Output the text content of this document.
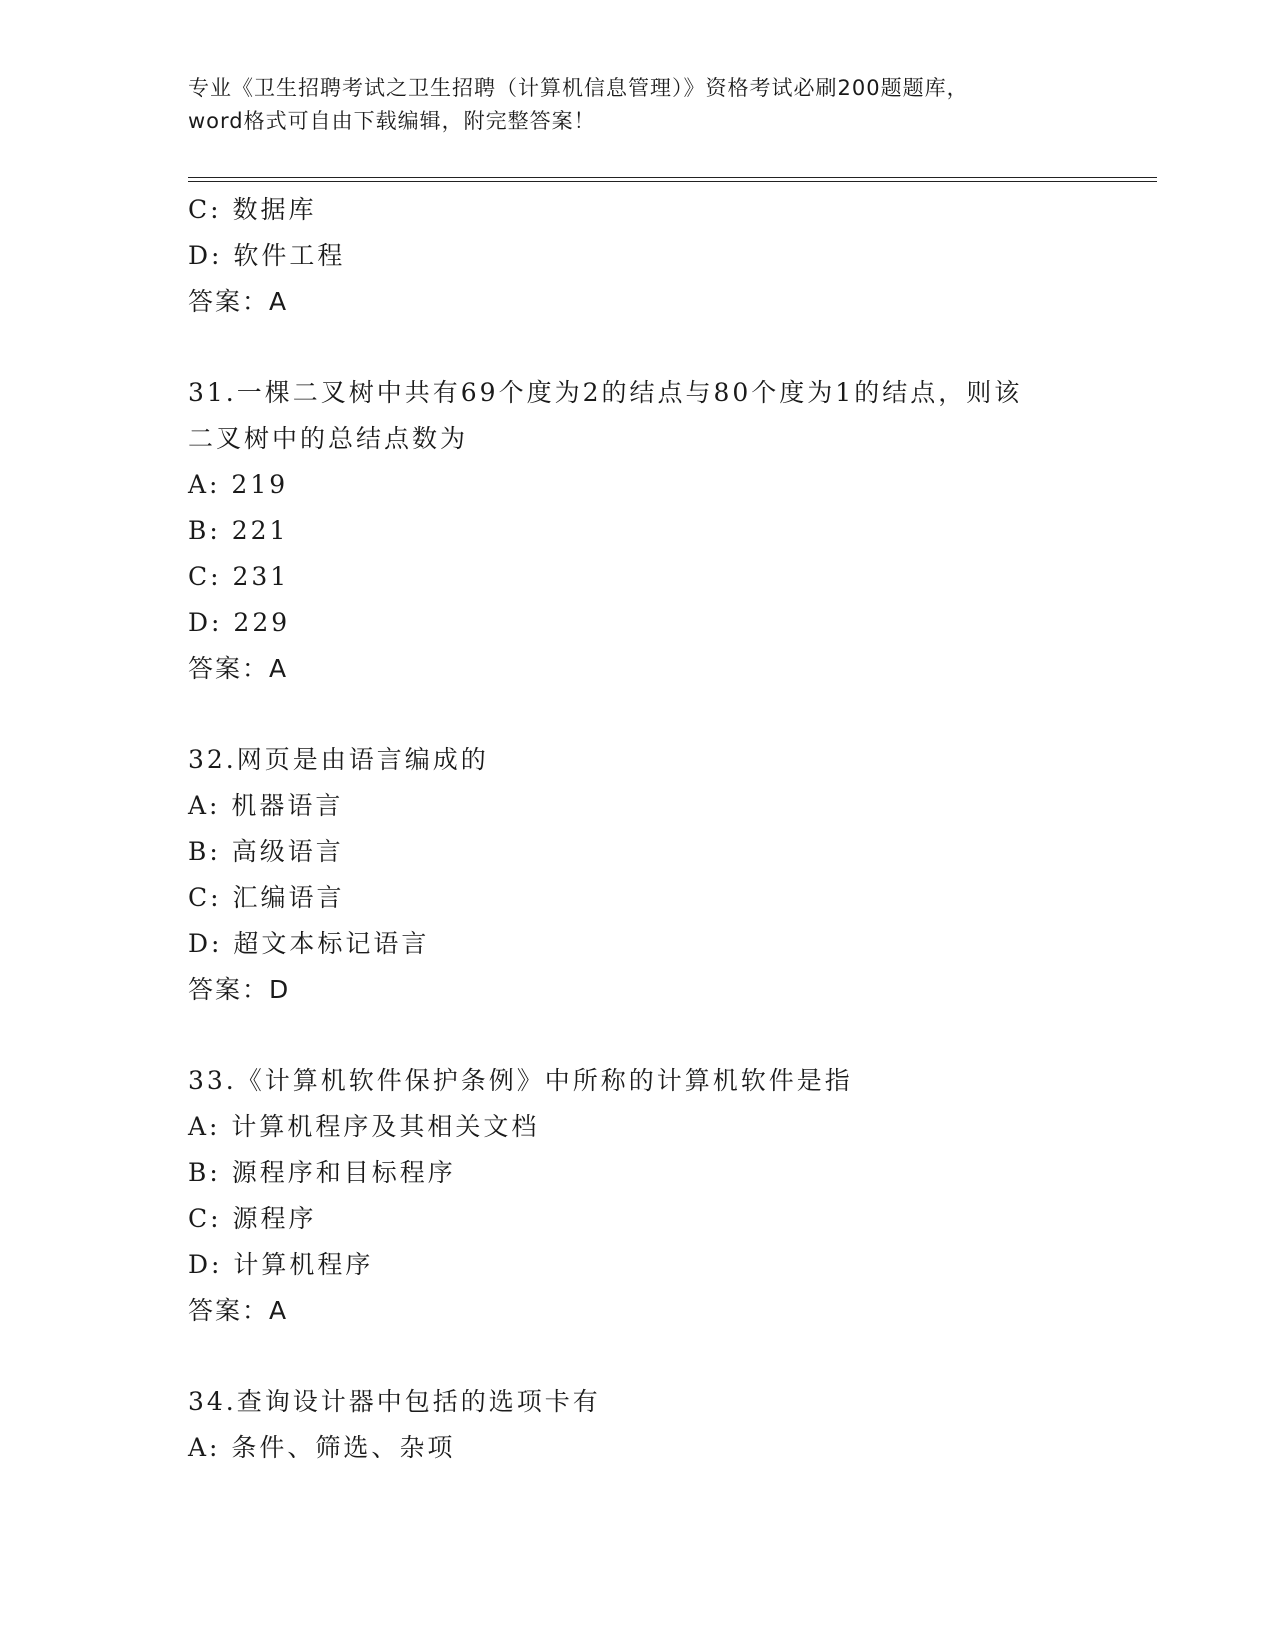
专业《卫生招聘考试之卫生招聘（计算机信息管理）》资格考试必刷200题题库，
word格式可自由下载编辑，附完整答案！
C: 数据库
D: 软件工程
答案：A
31.一棵二叉树中共有69个度为2的结点与80个度为1的结点，则该
二叉树中的总结点数为
A: 219
B: 221
C: 231
D: 229
答案：A
32.网页是由语言编成的
A: 机器语言
B: 高级语言
C: 汇编语言
D: 超文本标记语言
答案：D
33.《计算机软件保护条例》中所称的计算机软件是指
A: 计算机程序及其相关文档
B: 源程序和目标程序
C: 源程序
D: 计算机程序
答案：A
34.查询设计器中包括的选项卡有
A: 条件、筛选、杂项
